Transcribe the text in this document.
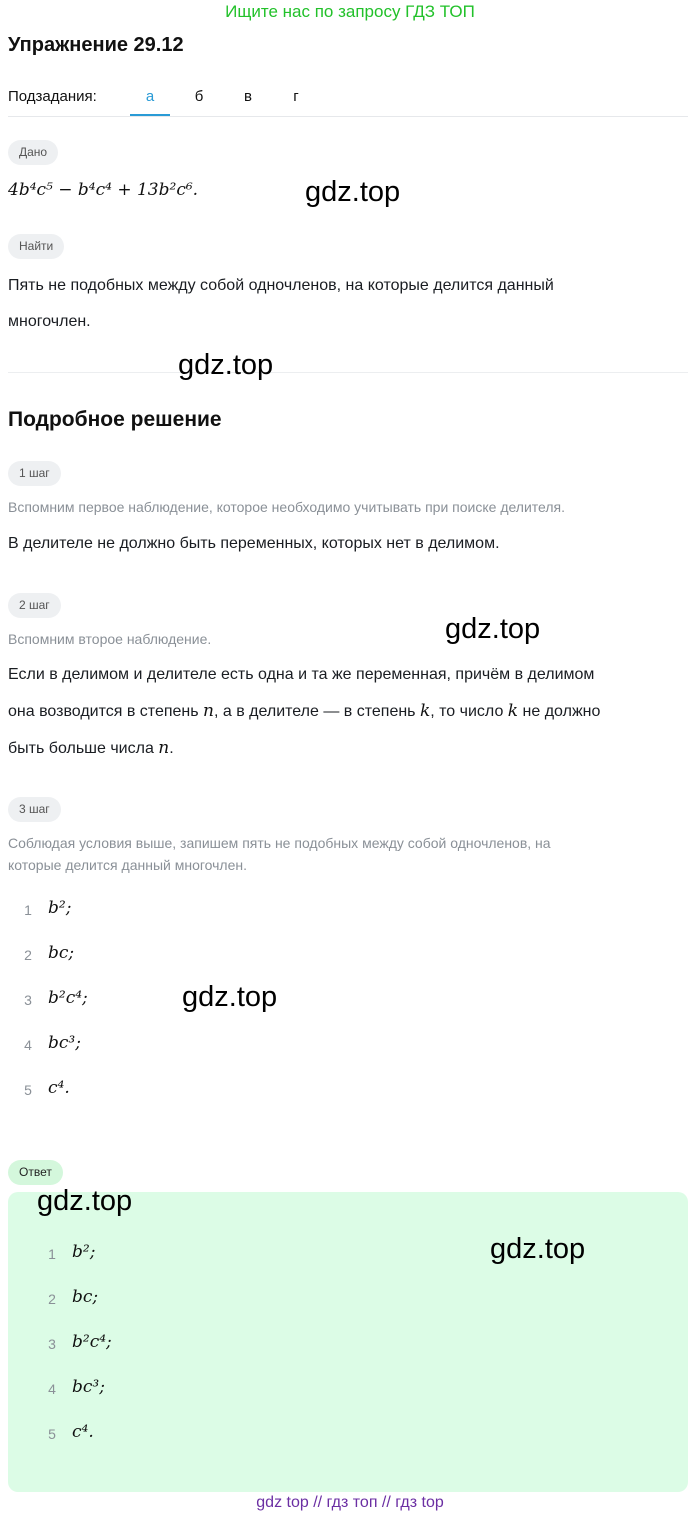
Ищите нас по запросу ГДЗ ТОП
Упражнение 29.12
Подзадания:	а	б	в	г
Дано
4b⁴c⁵ − b⁴c⁴ + 13b²c⁶.
Найти
Пять не подобных между собой одночленов, на которые делится данный
многочлен.
Подробное решение
1 шаг
Вспомним первое наблюдение, которое необходимо учитывать при поиске делителя.
В делителе не должно быть переменных, которых нет в делимом.
2 шаг
Вспомним второе наблюдение.
Если в делимом и делителе есть одна и та же переменная, причём в делимом
она возводится в степень n, а в делителе — в степень k, то число k не должно
быть больше числа n.
3 шаг
Соблюдая условия выше, запишем пять не подобных между собой одночленов, на
которые делится данный многочлен.
1 b²;
2 bc;
3 b²c⁴;
4 bc³;
5 c⁴.
Ответ
1 b²;
2 bc;
3 b²c⁴;
4 bc³;
5 c⁴.
gdz.top
gdz.top
gdz.top
gdz.top
gdz.top
gdz.top
gdz top // гдз топ // гдз top
